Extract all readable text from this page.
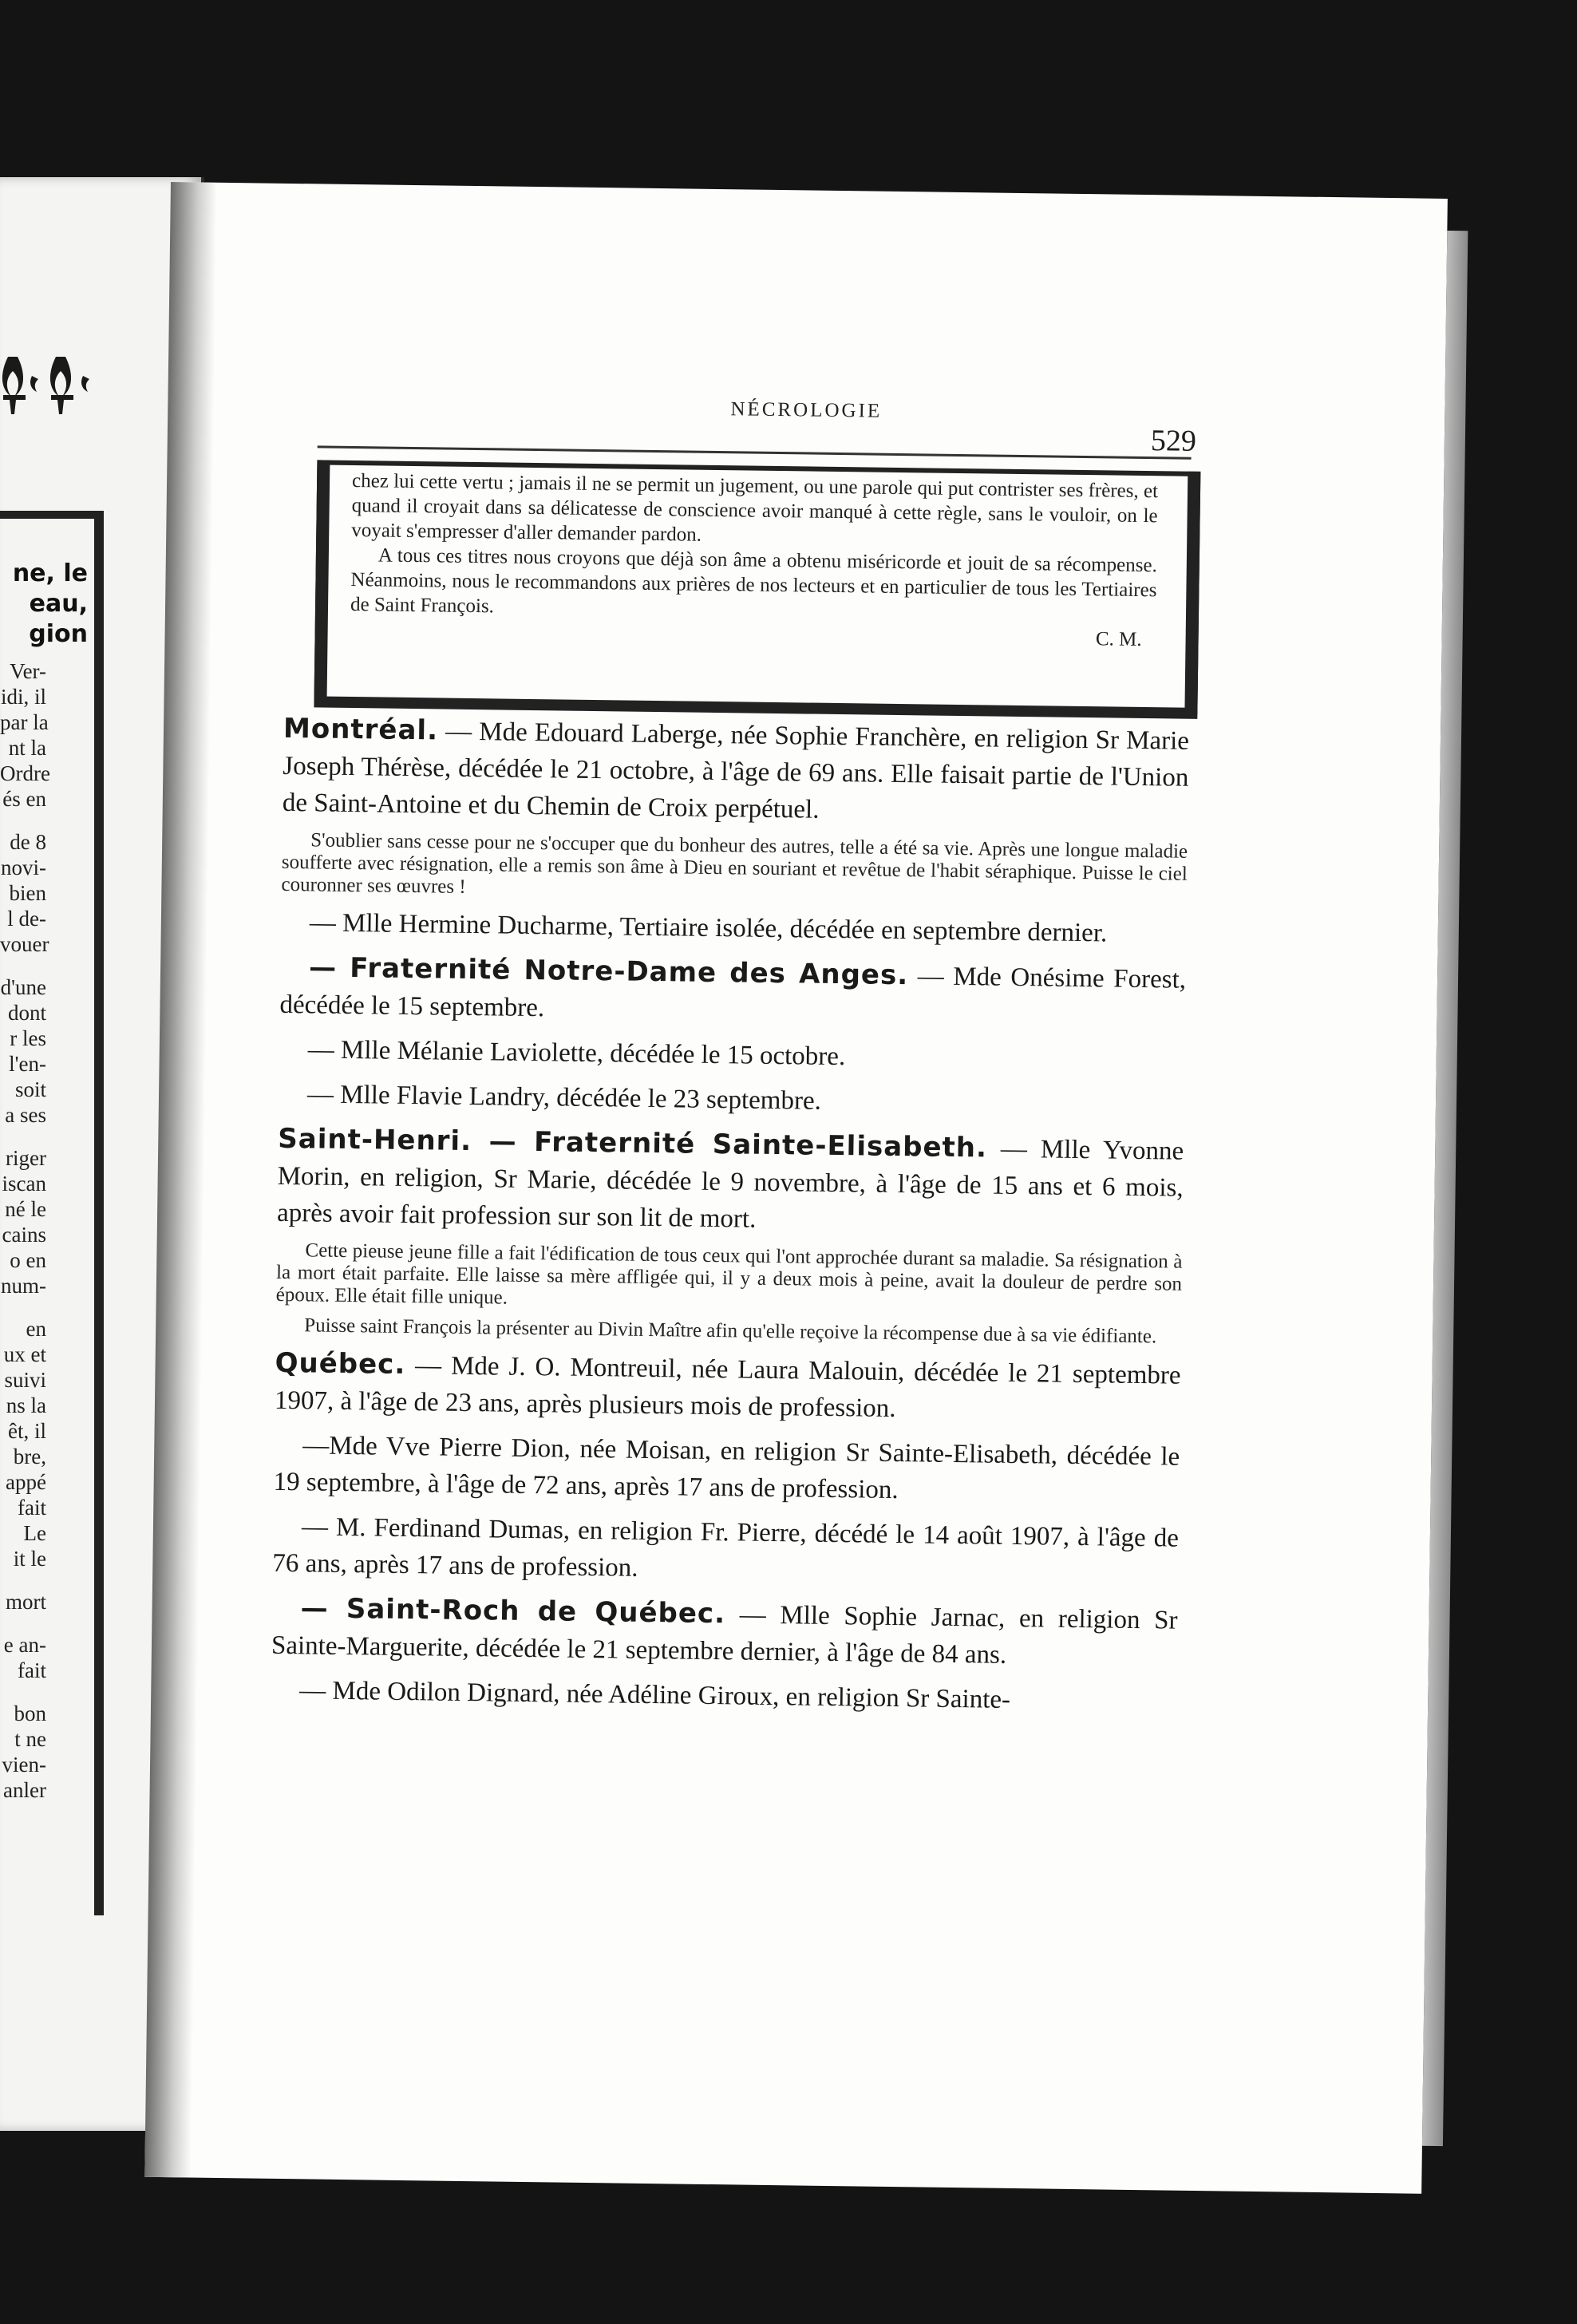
ne, le
eau,
gion
Ver-
idi, il
par la
nt la
Ordre
és en
de 8
novi-
bien
l de-
vouer
d'une
dont
r les
l'en-
soit
a ses
riger
iscan
né le
cains
o en
num-
en
ux et
suivi
ns la
êt, il
bre,
appé
fait
Le
it le
mort
e an-
fait
bon
t ne
vien-
anler
NÉCROLOGIE
529

chez lui cette vertu ; jamais il ne se permit un jugement, ou une parole qui put contrister ses frères, et quand il croyait dans sa délicatesse de conscience avoir manqué à cette règle, sans le vouloir, on le voyait s'empresser d'aller demander pardon.

A tous ces titres nous croyons que déjà son âme a obtenu miséricorde et jouit de sa récompense. Néanmoins, nous le recommandons aux prières de nos lecteurs et en particulier de tous les Tertiaires de Saint François.

C. M.

Montréal. — Mde Edouard Laberge, née Sophie Franchère, en religion Sr Marie Joseph Thérèse, décédée le 21 octobre, à l'âge de 69 ans. Elle faisait partie de l'Union de Saint-Antoine et du Chemin de Croix perpétuel.

S'oublier sans cesse pour ne s'occuper que du bonheur des autres, telle a été sa vie. Après une longue maladie soufferte avec résignation, elle a remis son âme à Dieu en souriant et revêtue de l'habit séraphique. Puisse le ciel couronner ses œuvres !

— Mlle Hermine Ducharme, Tertiaire isolée, décédée en septembre dernier.

— Fraternité Notre-Dame des Anges. — Mde Onésime Forest, décédée le 15 septembre.

— Mlle Mélanie Laviolette, décédée le 15 octobre.

— Mlle Flavie Landry, décédée le 23 septembre.

Saint-Henri. — Fraternité Sainte-Elisabeth. — Mlle Yvonne Morin, en religion, Sr Marie, décédée le 9 novembre, à l'âge de 15 ans et 6 mois, après avoir fait profession sur son lit de mort.

Cette pieuse jeune fille a fait l'édification de tous ceux qui l'ont approchée durant sa maladie. Sa résignation à la mort était parfaite. Elle laisse sa mère affligée qui, il y a deux mois à peine, avait la douleur de perdre son époux. Elle était fille unique.

Puisse saint François la présenter au Divin Maître afin qu'elle reçoive la récompense due à sa vie édifiante.

Québec. — Mde J. O. Montreuil, née Laura Malouin, décédée le 21 septembre 1907, à l'âge de 23 ans, après plusieurs mois de profession.

—Mde Vve Pierre Dion, née Moisan, en religion Sr Sainte-Elisabeth, décédée le 19 septembre, à l'âge de 72 ans, après 17 ans de profession.

— M. Ferdinand Dumas, en religion Fr. Pierre, décédé le 14 août 1907, à l'âge de 76 ans, après 17 ans de profession.

— Saint-Roch de Québec. — Mlle Sophie Jarnac, en religion Sr Sainte-Marguerite, décédée le 21 septembre dernier, à l'âge de 84 ans.

— Mde Odilon Dignard, née Adéline Giroux, en religion Sr Sainte-
